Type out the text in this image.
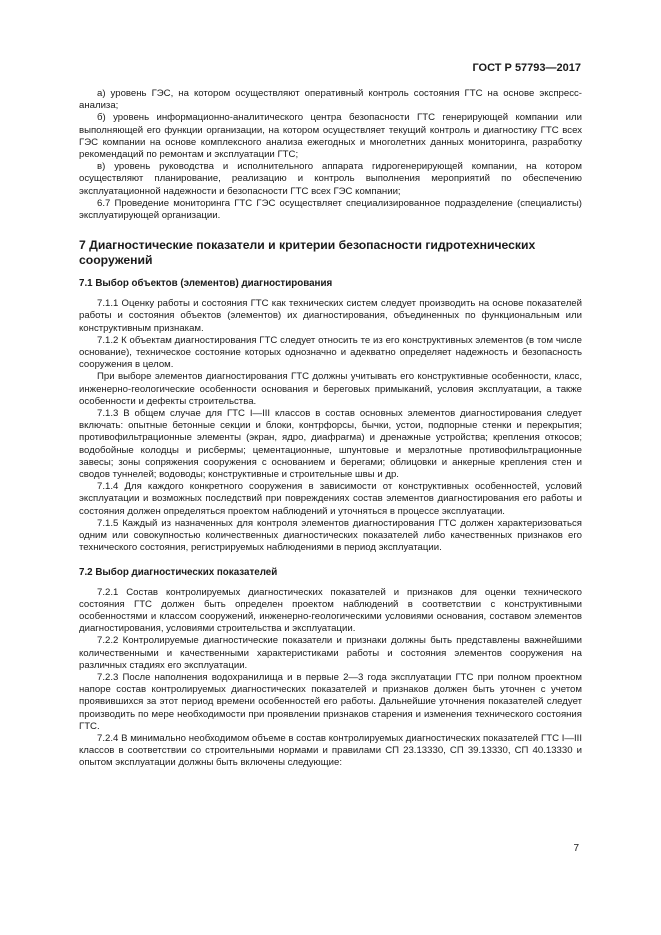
ГОСТ Р 57793—2017

а) уровень ГЭС, на котором осуществляют оперативный контроль состояния ГТС на основе экспресс-анализа;

б) уровень информационно-аналитического центра безопасности ГТС генерирующей компании или выполняющей его функции организации, на котором осуществляет текущий контроль и диагностику ГТС всех ГЭС компании на основе комплексного анализа ежегодных и многолетних данных мониторинга, разработку рекомендаций по ремонтам и эксплуатации ГТС;

в) уровень руководства и исполнительного аппарата гидрогенерирующей компании, на котором осуществляют планирование, реализацию и контроль выполнения мероприятий по обеспечению эксплуатационной надежности и безопасности ГТС всех ГЭС компании;

6.7 Проведение мониторинга ГТС ГЭС осуществляет специализированное подразделение (специалисты) эксплуатирующей организации.

7 Диагностические показатели и критерии безопасности гидротехнических сооружений
7.1 Выбор объектов (элементов) диагностирования

7.1.1 Оценку работы и состояния ГТС как технических систем следует производить на основе показателей работы и состояния объектов (элементов) их диагностирования, объединенных по функциональным или конструктивным признакам.

7.1.2 К объектам диагностирования ГТС следует относить те из его конструктивных элементов (в том числе основание), техническое состояние которых однозначно и адекватно определяет надежность и безопасность сооружения в целом.

При выборе элементов диагностирования ГТС должны учитывать его конструктивные особенности, класс, инженерно-геологические особенности основания и береговых примыканий, условия эксплуатации, а также особенности и дефекты строительства.

7.1.3 В общем случае для ГТС I—III классов в состав основных элементов диагностирования следует включать: опытные бетонные секции и блоки, контрфорсы, бычки, устои, подпорные стенки и перекрытия; противофильтрационные элементы (экран, ядро, диафрагма) и дренажные устройства; крепления откосов; водобойные колодцы и рисбермы; цементационные, шпунтовые и мерзлотные противофильтрационные завесы; зоны сопряжения сооружения с основанием и берегами; облицовки и анкерные крепления стен и сводов туннелей; водоводы; конструктивные и строительные швы и др.

7.1.4 Для каждого конкретного сооружения в зависимости от конструктивных особенностей, условий эксплуатации и возможных последствий при повреждениях состав элементов диагностирования его работы и состояния должен определяться проектом наблюдений и уточняться в процессе эксплуатации.

7.1.5 Каждый из назначенных для контроля элементов диагностирования ГТС должен характеризоваться одним или совокупностью количественных диагностических показателей либо качественных признаков его технического состояния, регистрируемых наблюдениями в период эксплуатации.

7.2 Выбор диагностических показателей

7.2.1 Состав контролируемых диагностических показателей и признаков для оценки технического состояния ГТС должен быть определен проектом наблюдений в соответствии с конструктивными особенностями и классом сооружений, инженерно-геологическими условиями основания, составом элементов диагностирования, условиями строительства и эксплуатации.

7.2.2 Контролируемые диагностические показатели и признаки должны быть представлены важнейшими количественными и качественными характеристиками работы и состояния элементов сооружения на различных стадиях его эксплуатации.

7.2.3 После наполнения водохранилища и в первые 2—3 года эксплуатации ГТС при полном проектном напоре состав контролируемых диагностических показателей и признаков должен быть уточнен с учетом проявившихся за этот период времени особенностей его работы. Дальнейшие уточнения показателей следует производить по мере необходимости при проявлении признаков старения и изменения технического состояния ГТС.

7.2.4 В минимально необходимом объеме в состав контролируемых диагностических показателей ГТС I—III классов в соответствии со строительными нормами и правилами СП 23.13330, СП 39.13330, СП 40.13330 и опытом эксплуатации должны быть включены следующие:

7
